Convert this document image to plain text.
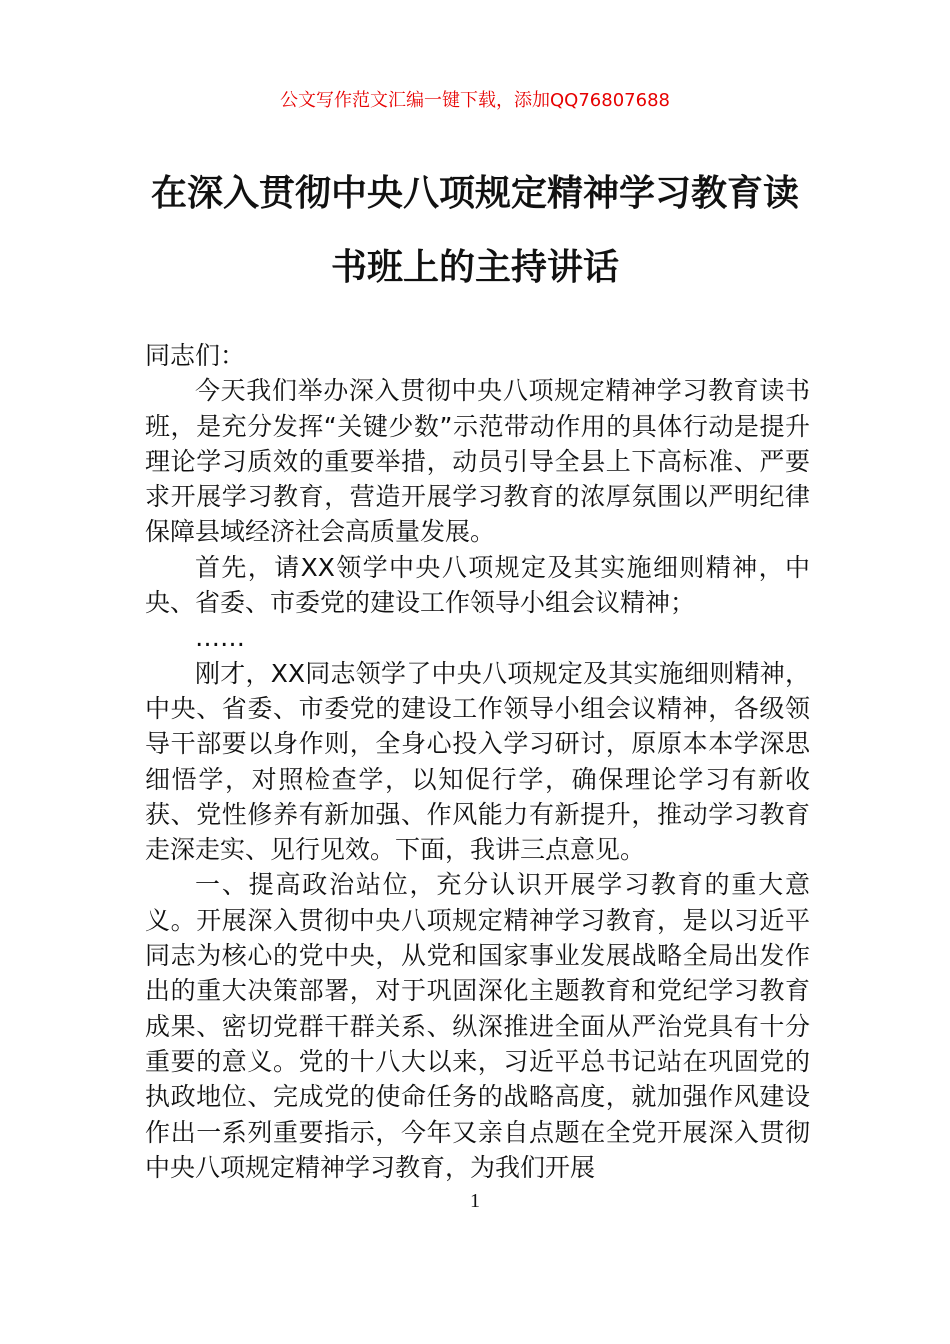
公文写作范文汇编一键下载，添加QQ76807688
在深入贯彻中央八项规定精神学习教育读
书班上的主持讲话

同志们：

今天我们举办深入贯彻中央八项规定精神学习教育读书班，是充分发挥“关键少数”示范带动作用的具体行动是提升理论学习质效的重要举措，动员引导全县上下高标准、严要求开展学习教育，营造开展学习教育的浓厚氛围以严明纪律保障县域经济社会高质量发展。

首先，请XX领学中央八项规定及其实施细则精神，中央、省委、市委党的建设工作领导小组会议精神；

……

刚才，XX同志领学了中央八项规定及其实施细则精神，中央、省委、市委党的建设工作领导小组会议精神，各级领导干部要以身作则，全身心投入学习研讨，原原本本学深思细悟学，对照检查学，以知促行学，确保理论学习有新收获、党性修养有新加强、作风能力有新提升，推动学习教育走深走实、见行见效。下面，我讲三点意见。

一、提高政治站位，充分认识开展学习教育的重大意义。开展深入贯彻中央八项规定精神学习教育，是以习近平同志为核心的党中央，从党和国家事业发展战略全局出发作出的重大决策部署，对于巩固深化主题教育和党纪学习教育成果、密切党群干群关系、纵深推进全面从严治党具有十分重要的意义。党的十八大以来，习近平总书记站在巩固党的执政地位、完成党的使命任务的战略高度，就加强作风建设作出一系列重要指示，今年又亲自点题在全党开展深入贯彻中央八项规定精神学习教育，为我们开展

1
